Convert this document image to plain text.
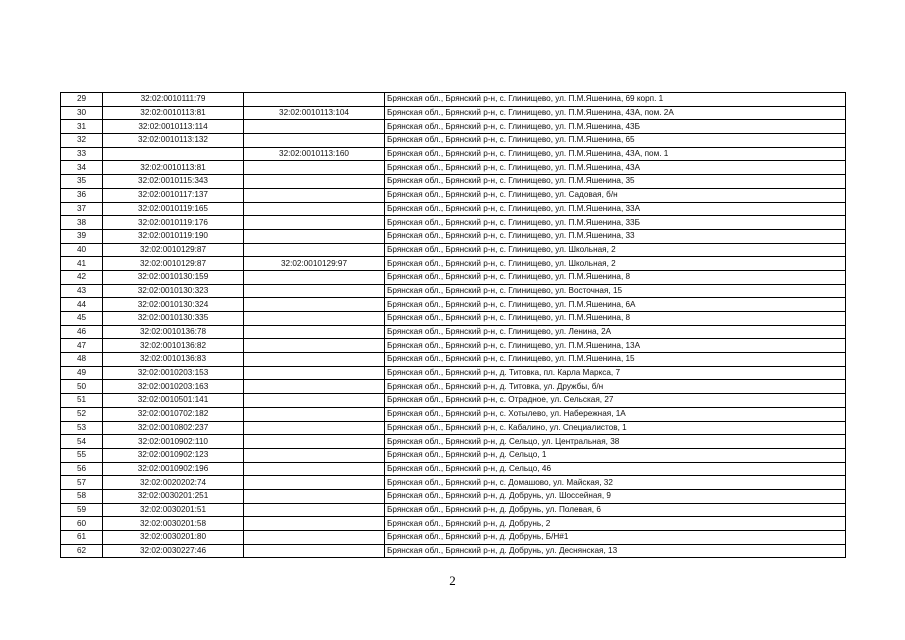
29	32:02:0010111:79		Брянская обл., Брянский р-н, с. Глинищево, ул. П.М.Яшенина, 69 корп. 1
30	32:02:0010113:81	32:02:0010113:104	Брянская обл., Брянский р-н, с. Глинищево, ул. П.М.Яшенина, 43А, пом. 2А
31	32:02:0010113:114		Брянская обл., Брянский р-н, с. Глинищево, ул. П.М.Яшенина, 43Б
32	32:02:0010113:132		Брянская обл., Брянский р-н, с. Глинищево, ул. П.М.Яшенина, 65
33		32:02:0010113:160	Брянская обл., Брянский р-н, с. Глинищево, ул. П.М.Яшенина, 43А, пом. 1
34	32:02:0010113:81		Брянская обл., Брянский р-н, с. Глинищево, ул. П.М.Яшенина, 43А
35	32:02:0010115:343		Брянская обл., Брянский р-н, с. Глинищево, ул. П.М.Яшенина, 35
36	32:02:0010117:137		Брянская обл., Брянский р-н, с. Глинищево, ул. Садовая, б/н
37	32:02:0010119:165		Брянская обл., Брянский р-н, с. Глинищево, ул. П.М.Яшенина, 33А
38	32:02:0010119:176		Брянская обл., Брянский р-н, с. Глинищево, ул. П.М.Яшенина, 33Б
39	32:02:0010119:190		Брянская обл., Брянский р-н, с. Глинищево, ул. П.М.Яшенина, 33
40	32:02:0010129:87		Брянская обл., Брянский р-н, с. Глинищево, ул. Школьная, 2
41	32:02:0010129:87	32:02:0010129:97	Брянская обл., Брянский р-н, с. Глинищево, ул. Школьная, 2
42	32:02:0010130:159		Брянская обл., Брянский р-н, с. Глинищево, ул. П.М.Яшенина, 8
43	32:02:0010130:323		Брянская обл., Брянский р-н, с. Глинищево, ул. Восточная, 15
44	32:02:0010130:324		Брянская обл., Брянский р-н, с. Глинищево, ул. П.М.Яшенина, 6А
45	32:02:0010130:335		Брянская обл., Брянский р-н, с. Глинищево, ул. П.М.Яшенина, 8
46	32:02:0010136:78		Брянская обл., Брянский р-н, с. Глинищево, ул. Ленина, 2А
47	32:02:0010136:82		Брянская обл., Брянский р-н, с. Глинищево, ул. П.М.Яшенина, 13А
48	32:02:0010136:83		Брянская обл., Брянский р-н, с. Глинищево, ул. П.М.Яшенина, 15
49	32:02:0010203:153		Брянская обл., Брянский р-н, д. Титовка, пл. Карла Маркса, 7
50	32:02:0010203:163		Брянская обл., Брянский р-н, д. Титовка, ул. Дружбы, б/н
51	32:02:0010501:141		Брянская обл., Брянский р-н, с. Отрадное, ул. Сельская, 27
52	32:02:0010702:182		Брянская обл., Брянский р-н, с. Хотылево, ул. Набережная, 1А
53	32:02:0010802:237		Брянская обл., Брянский р-н, с. Кабалино, ул. Специалистов, 1
54	32:02:0010902:110		Брянская обл., Брянский р-н, д. Сельцо, ул. Центральная, 38
55	32:02:0010902:123		Брянская обл., Брянский р-н, д. Сельцо, 1
56	32:02:0010902:196		Брянская обл., Брянский р-н, д. Сельцо, 46
57	32:02:0020202:74		Брянская обл., Брянский р-н, с. Домашово, ул. Майская, 32
58	32:02:0030201:251		Брянская обл., Брянский р-н, д. Добрунь, ул. Шоссейная, 9
59	32:02:0030201:51		Брянская обл., Брянский р-н, д. Добрунь, ул. Полевая, 6
60	32:02:0030201:58		Брянская обл., Брянский р-н, д. Добрунь, 2
61	32:02:0030201:80		Брянская обл., Брянский р-н, д. Добрунь, Б/Н#1
62	32:02:0030227:46		Брянская обл., Брянский р-н, д. Добрунь, ул. Деснянская, 13
2
